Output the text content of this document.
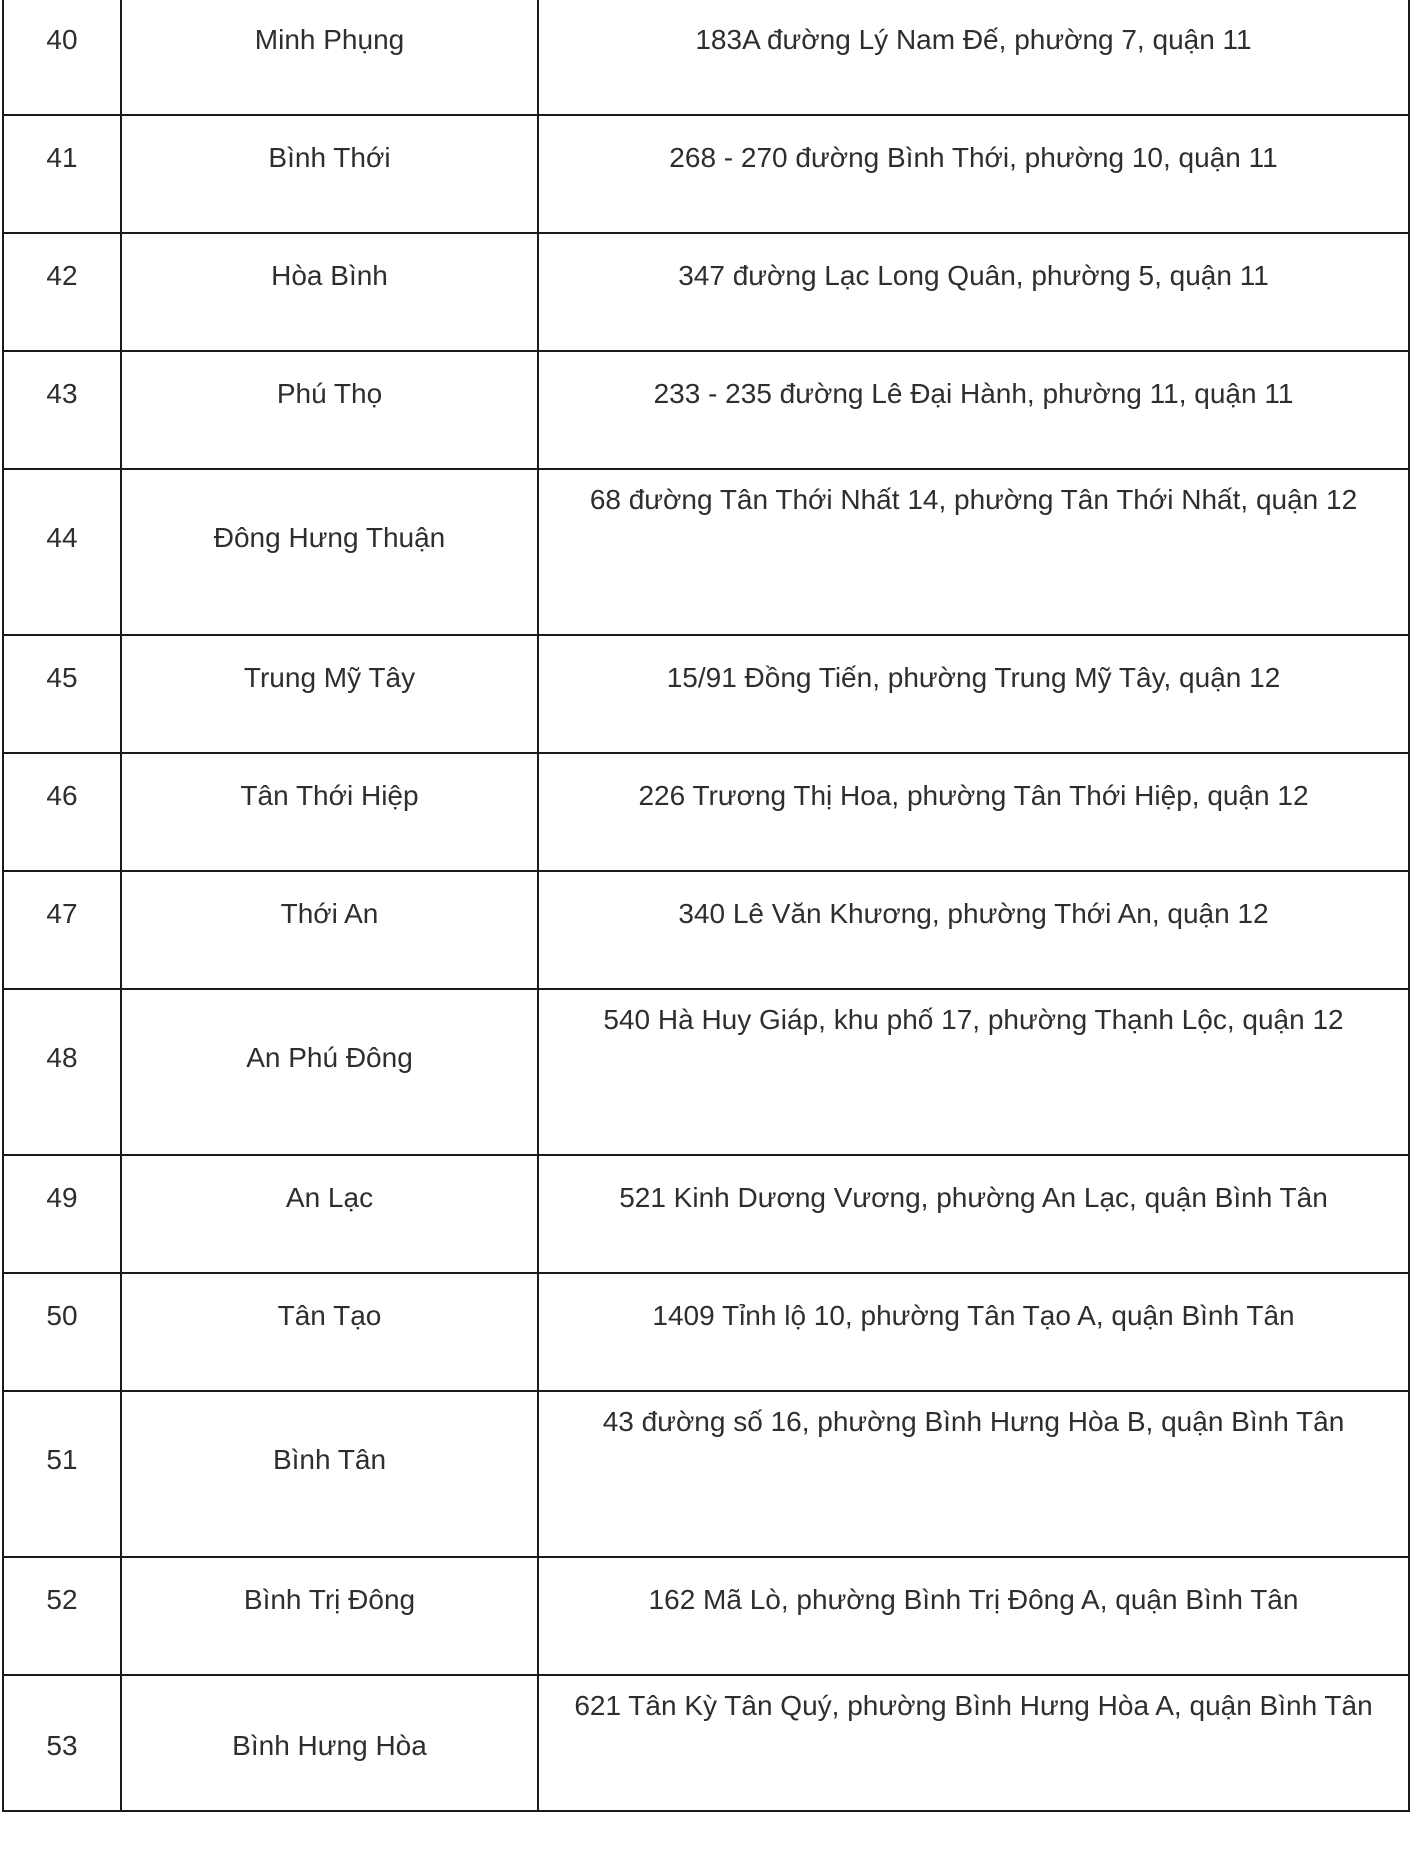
40	Minh Phụng	183A đường Lý Nam Đế, phường 7, quận 11
41	Bình Thới	268 - 270 đường Bình Thới, phường 10, quận 11
42	Hòa Bình	347 đường Lạc Long Quân, phường 5, quận 11
43	Phú Thọ	233 - 235 đường Lê Đại Hành, phường 11, quận 11
44	Đông Hưng Thuận	68 đường Tân Thới Nhất 14, phường Tân Thới Nhất, quận 12
45	Trung Mỹ Tây	15/91 Đồng Tiến, phường Trung Mỹ Tây, quận 12
46	Tân Thới Hiệp	226 Trương Thị Hoa, phường Tân Thới Hiệp, quận 12
47	Thới An	340 Lê Văn Khương, phường Thới An, quận 12
48	An Phú Đông	540 Hà Huy Giáp, khu phố 17, phường Thạnh Lộc, quận 12
49	An Lạc	521 Kinh Dương Vương, phường An Lạc, quận Bình Tân
50	Tân Tạo	1409 Tỉnh lộ 10, phường Tân Tạo A, quận Bình Tân
51	Bình Tân	43 đường số 16, phường Bình Hưng Hòa B, quận Bình Tân
52	Bình Trị Đông	162 Mã Lò, phường Bình Trị Đông A, quận Bình Tân
53	Bình Hưng Hòa	621 Tân Kỳ Tân Quý, phường Bình Hưng Hòa A, quận Bình Tân
